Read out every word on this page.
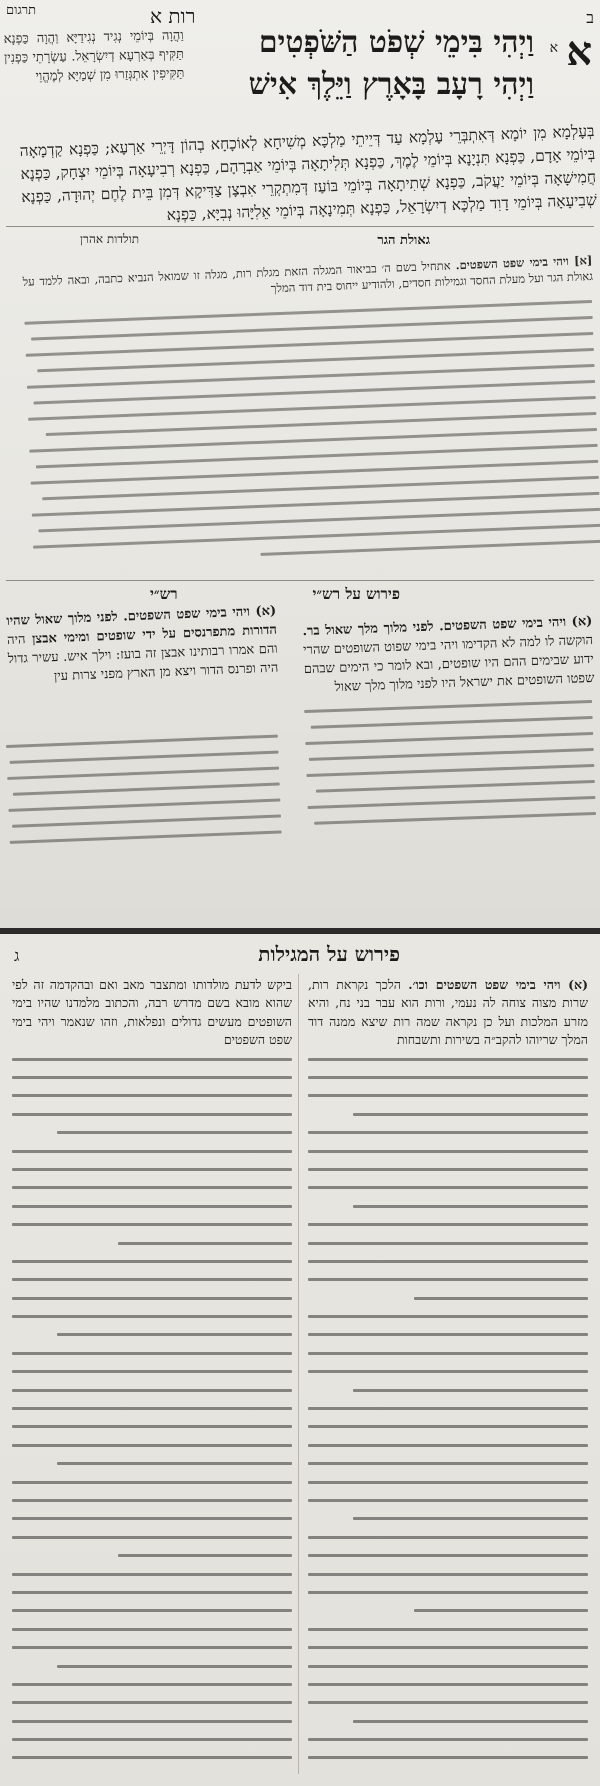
ב
רות א
תרגום
א
א
וַיְהִי בִּימֵי שְׁפֹט הַשֹּׁפְטִים
וַיְהִי רָעָב בָּאָרֶץ וַיֵּלֶךְ אִישׁ
וַהֲוָה בְּיוֹמֵי נְגִיד נְגִידַיָּא וַהֲוָה כַּפְנָא תַּקִּיף בְּאַרְעָא דְיִשְׂרָאֵל. עַשְׂרָתֵי כַּפְנִין תַּקִּיפִין אִתְגְּזַרוּ מִן שְׁמַיָּא לְמֶהֱוֵי
בְּעָלְמָא מִן יוֹמָא דְּאִתְבְּרֵי עָלְמָא עַד דְּיֵיתֵי מַלְכָּא מְשִׁיחָא לְאוֹכָחָא בְהוֹן דָּיְרֵי אַרְעָא; כַּפְנָא קַדְמָאָה בְּיוֹמֵי אָדָם, כַּפְנָא תִּנְיָנָא בְּיוֹמֵי לֶמֶךְ, כַּפְנָא תְּלִיתָאָה בְּיוֹמֵי אַבְרָהָם, כַּפְנָא רְבִיעָאָה בְּיוֹמֵי יִצְחָק, כַּפְנָא חֲמִישָׁאָה בְּיוֹמֵי יַעֲקֹב, כַּפְנָא שְׁתִיתָאָה בְּיוֹמֵי בּוֹעַז דְּמִתְקְרֵי אִבְצָן צַדִּיקָא דְּמִן בֵּית לֶחֶם יְהוּדָה, כַּפְנָא שְׁבִיעָאָה בְּיוֹמֵי דָוִד מַלְכָּא דְיִשְׂרָאֵל, כַּפְנָא תְּמִינָאָה בְּיוֹמֵי אֵלִיָּהוּ נְבִיָּא, כַּפְנָא
גאולת הגר
תולדות אהרן
[א] ויהי בימי שפט השפטים. אתחיל בשם ה׳ בביאור המגלה הזאת מגלת רות, מגלה זו שמואל הנביא כתבה, ובאה ללמד על גאולת הגר ועל מעלת החסד וגמילות חסדים, ולהודיע ייחוס בית דוד המלך
פירוש על רש״י
רש״י
(א) ויהי בימי שפט השפטים. לפני מלוך מלך שאול בר. הוקשה לו למה לא הקדימו ויהי בימי שפוט השופטים שהרי ידוע שבימים ההם היו שופטים, ובא לומר כי הימים שבהם שפטו השופטים את ישראל היו לפני מלוך מלך שאול
(א) ויהי בימי שפט השפטים. לפני מלוך שאול שהיו הדורות מתפרנסים על ידי שופטים ומימי אבצן היה והם אמרו רבותינו אבצן זה בועז: וילך איש. עשיר גדול היה ופרנס הדור ויצא מן הארץ מפני צרות עין
פירוש על המגילות
ג
(א) ויהי בימי שפט השפטים וכו׳. הלכך נקראת רות, שרות מצוה צוחה לה נעמי, ורות הוא עבר בני נח, והיא מזרע המלכות ועל כן נקראה שמה רות שיצא ממנה דוד המלך שריוהו להקב״ה בשירות ותשבחות
ביקש לדעת מולדותו ומתצבר מאב ואם ובהקדמה זה לפי שהוא מובא בשם מדרש רבה, והכתוב מלמדנו שהיו בימי השופטים מעשים גדולים ונפלאות, וזהו שנאמר ויהי בימי שפט השפטים
